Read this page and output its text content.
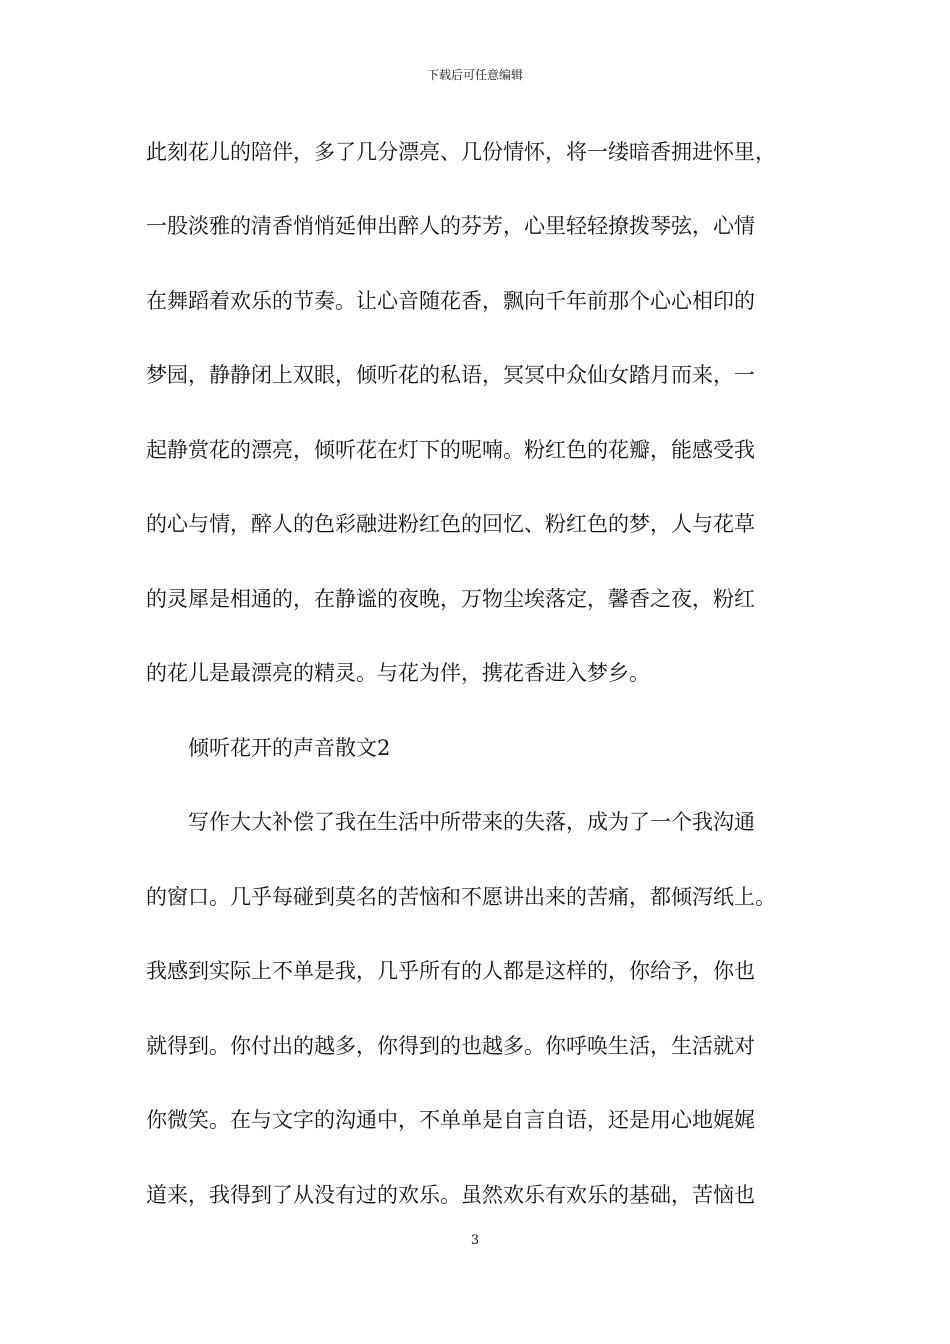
下载后可任意编辑
此刻花儿的陪伴，多了几分漂亮、几份情怀，将一缕暗香拥进怀里，
一股淡雅的清香悄悄延伸出醉人的芬芳，心里轻轻撩拨琴弦，心情
在舞蹈着欢乐的节奏。让心音随花香，飘向千年前那个心心相印的
梦园，静静闭上双眼，倾听花的私语，冥冥中众仙女踏月而来，一
起静赏花的漂亮，倾听花在灯下的呢喃。粉红色的花瓣，能感受我
的心与情，醉人的色彩融进粉红色的回忆、粉红色的梦，人与花草
的灵犀是相通的，在静谧的夜晚，万物尘埃落定，馨香之夜，粉红
的花儿是最漂亮的精灵。与花为伴，携花香进入梦乡。
倾听花开的声音散文2
写作大大补偿了我在生活中所带来的失落，成为了一个我沟通
的窗口。几乎每碰到莫名的苦恼和不愿讲出来的苦痛，都倾泻纸上。
我感到实际上不单是我，几乎所有的人都是这样的，你给予，你也
就得到。你付出的越多，你得到的也越多。你呼唤生活，生活就对
你微笑。在与文字的沟通中，不单单是自言自语，还是用心地娓娓
道来，我得到了从没有过的欢乐。虽然欢乐有欢乐的基础，苦恼也
3
